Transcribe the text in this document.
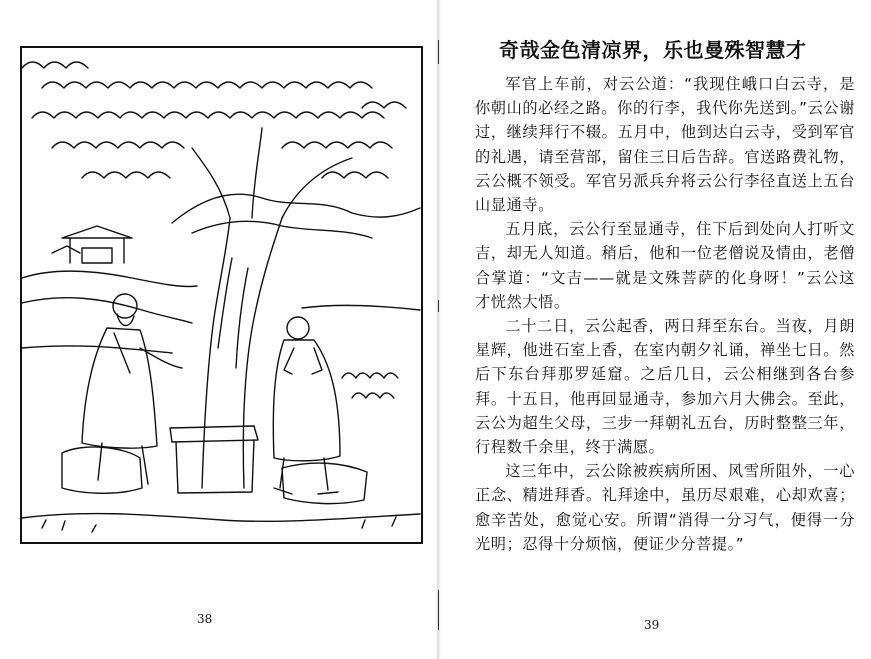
38
奇哉金色清凉界，乐也曼殊智慧才

军官上车前，对云公道：“我现住峨口白云寺，是你朝山的必经之路。你的行李，我代你先送到。”云公谢过，继续拜行不辍。五月中，他到达白云寺，受到军官的礼遇，请至营部，留住三日后告辞。官送路费礼物，云公概不领受。军官另派兵弁将云公行李径直送上五台山显通寺。

五月底，云公行至显通寺，住下后到处向人打听文吉，却无人知道。稍后，他和一位老僧说及情由，老僧合掌道：“文吉——就是文殊菩萨的化身呀！”云公这才恍然大悟。

二十二日，云公起香，两日拜至东台。当夜，月朗星辉，他进石室上香，在室内朝夕礼诵，禅坐七日。然后下东台拜那罗延窟。之后几日，云公相继到各台参拜。十五日，他再回显通寺，参加六月大佛会。至此，云公为超生父母，三步一拜朝礼五台，历时整整三年，行程数千余里，终于满愿。

这三年中，云公除被疾病所困、风雪所阻外，一心正念、精进拜香。礼拜途中，虽历尽艰难，心却欢喜；愈辛苦处，愈觉心安。所谓“消得一分习气，便得一分光明；忍得十分烦恼，便证少分菩提。”

39
